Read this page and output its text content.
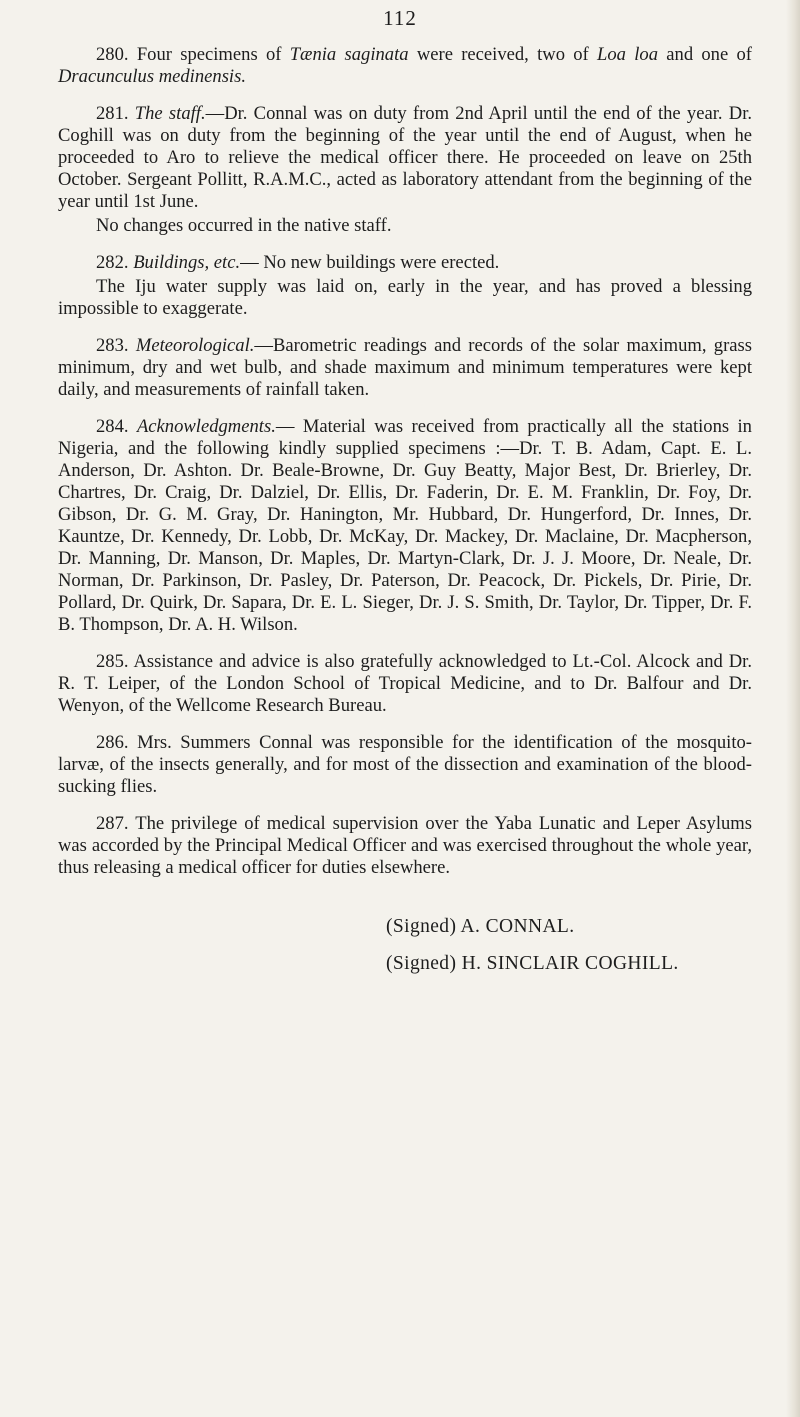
112

280. Four specimens of Tænia saginata were received, two of Loa loa and one of Dracunculus medinensis.

281. The staff.—Dr. Connal was on duty from 2nd April until the end of the year. Dr. Coghill was on duty from the beginning of the year until the end of August, when he proceeded to Aro to relieve the medical officer there. He proceeded on leave on 25th October. Sergeant Pollitt, R.A.M.C., acted as laboratory attendant from the beginning of the year until 1st June.

No changes occurred in the native staff.

282. Buildings, etc.— No new buildings were erected.

The Iju water supply was laid on, early in the year, and has proved a blessing impossible to exaggerate.

283. Meteorological.—Barometric readings and records of the solar maximum, grass minimum, dry and wet bulb, and shade maximum and minimum temperatures were kept daily, and measurements of rainfall taken.

284. Acknowledgments.— Material was received from practically all the stations in Nigeria, and the following kindly supplied specimens :—Dr. T. B. Adam, Capt. E. L. Anderson, Dr. Ashton. Dr. Beale-Browne, Dr. Guy Beatty, Major Best, Dr. Brierley, Dr. Chartres, Dr. Craig, Dr. Dalziel, Dr. Ellis, Dr. Faderin, Dr. E. M. Franklin, Dr. Foy, Dr. Gibson, Dr. G. M. Gray, Dr. Hanington, Mr. Hubbard, Dr. Hungerford, Dr. Innes, Dr. Kauntze, Dr. Kennedy, Dr. Lobb, Dr. McKay, Dr. Mackey, Dr. Maclaine, Dr. Macpherson, Dr. Manning, Dr. Manson, Dr. Maples, Dr. Martyn-Clark, Dr. J. J. Moore, Dr. Neale, Dr. Norman, Dr. Parkinson, Dr. Pasley, Dr. Paterson, Dr. Peacock, Dr. Pickels, Dr. Pirie, Dr. Pollard, Dr. Quirk, Dr. Sapara, Dr. E. L. Sieger, Dr. J. S. Smith, Dr. Taylor, Dr. Tipper, Dr. F. B. Thompson, Dr. A. H. Wilson.

285. Assistance and advice is also gratefully acknowledged to Lt.-Col. Alcock and Dr. R. T. Leiper, of the London School of Tropical Medicine, and to Dr. Balfour and Dr. Wenyon, of the Wellcome Research Bureau.

286. Mrs. Summers Connal was responsible for the identification of the mosquito-larvæ, of the insects generally, and for most of the dissection and examination of the blood-sucking flies.

287. The privilege of medical supervision over the Yaba Lunatic and Leper Asylums was accorded by the Principal Medical Officer and was exercised throughout the whole year, thus releasing a medical officer for duties elsewhere.

(Signed) A. CONNAL.
(Signed) H. SINCLAIR COGHILL.
